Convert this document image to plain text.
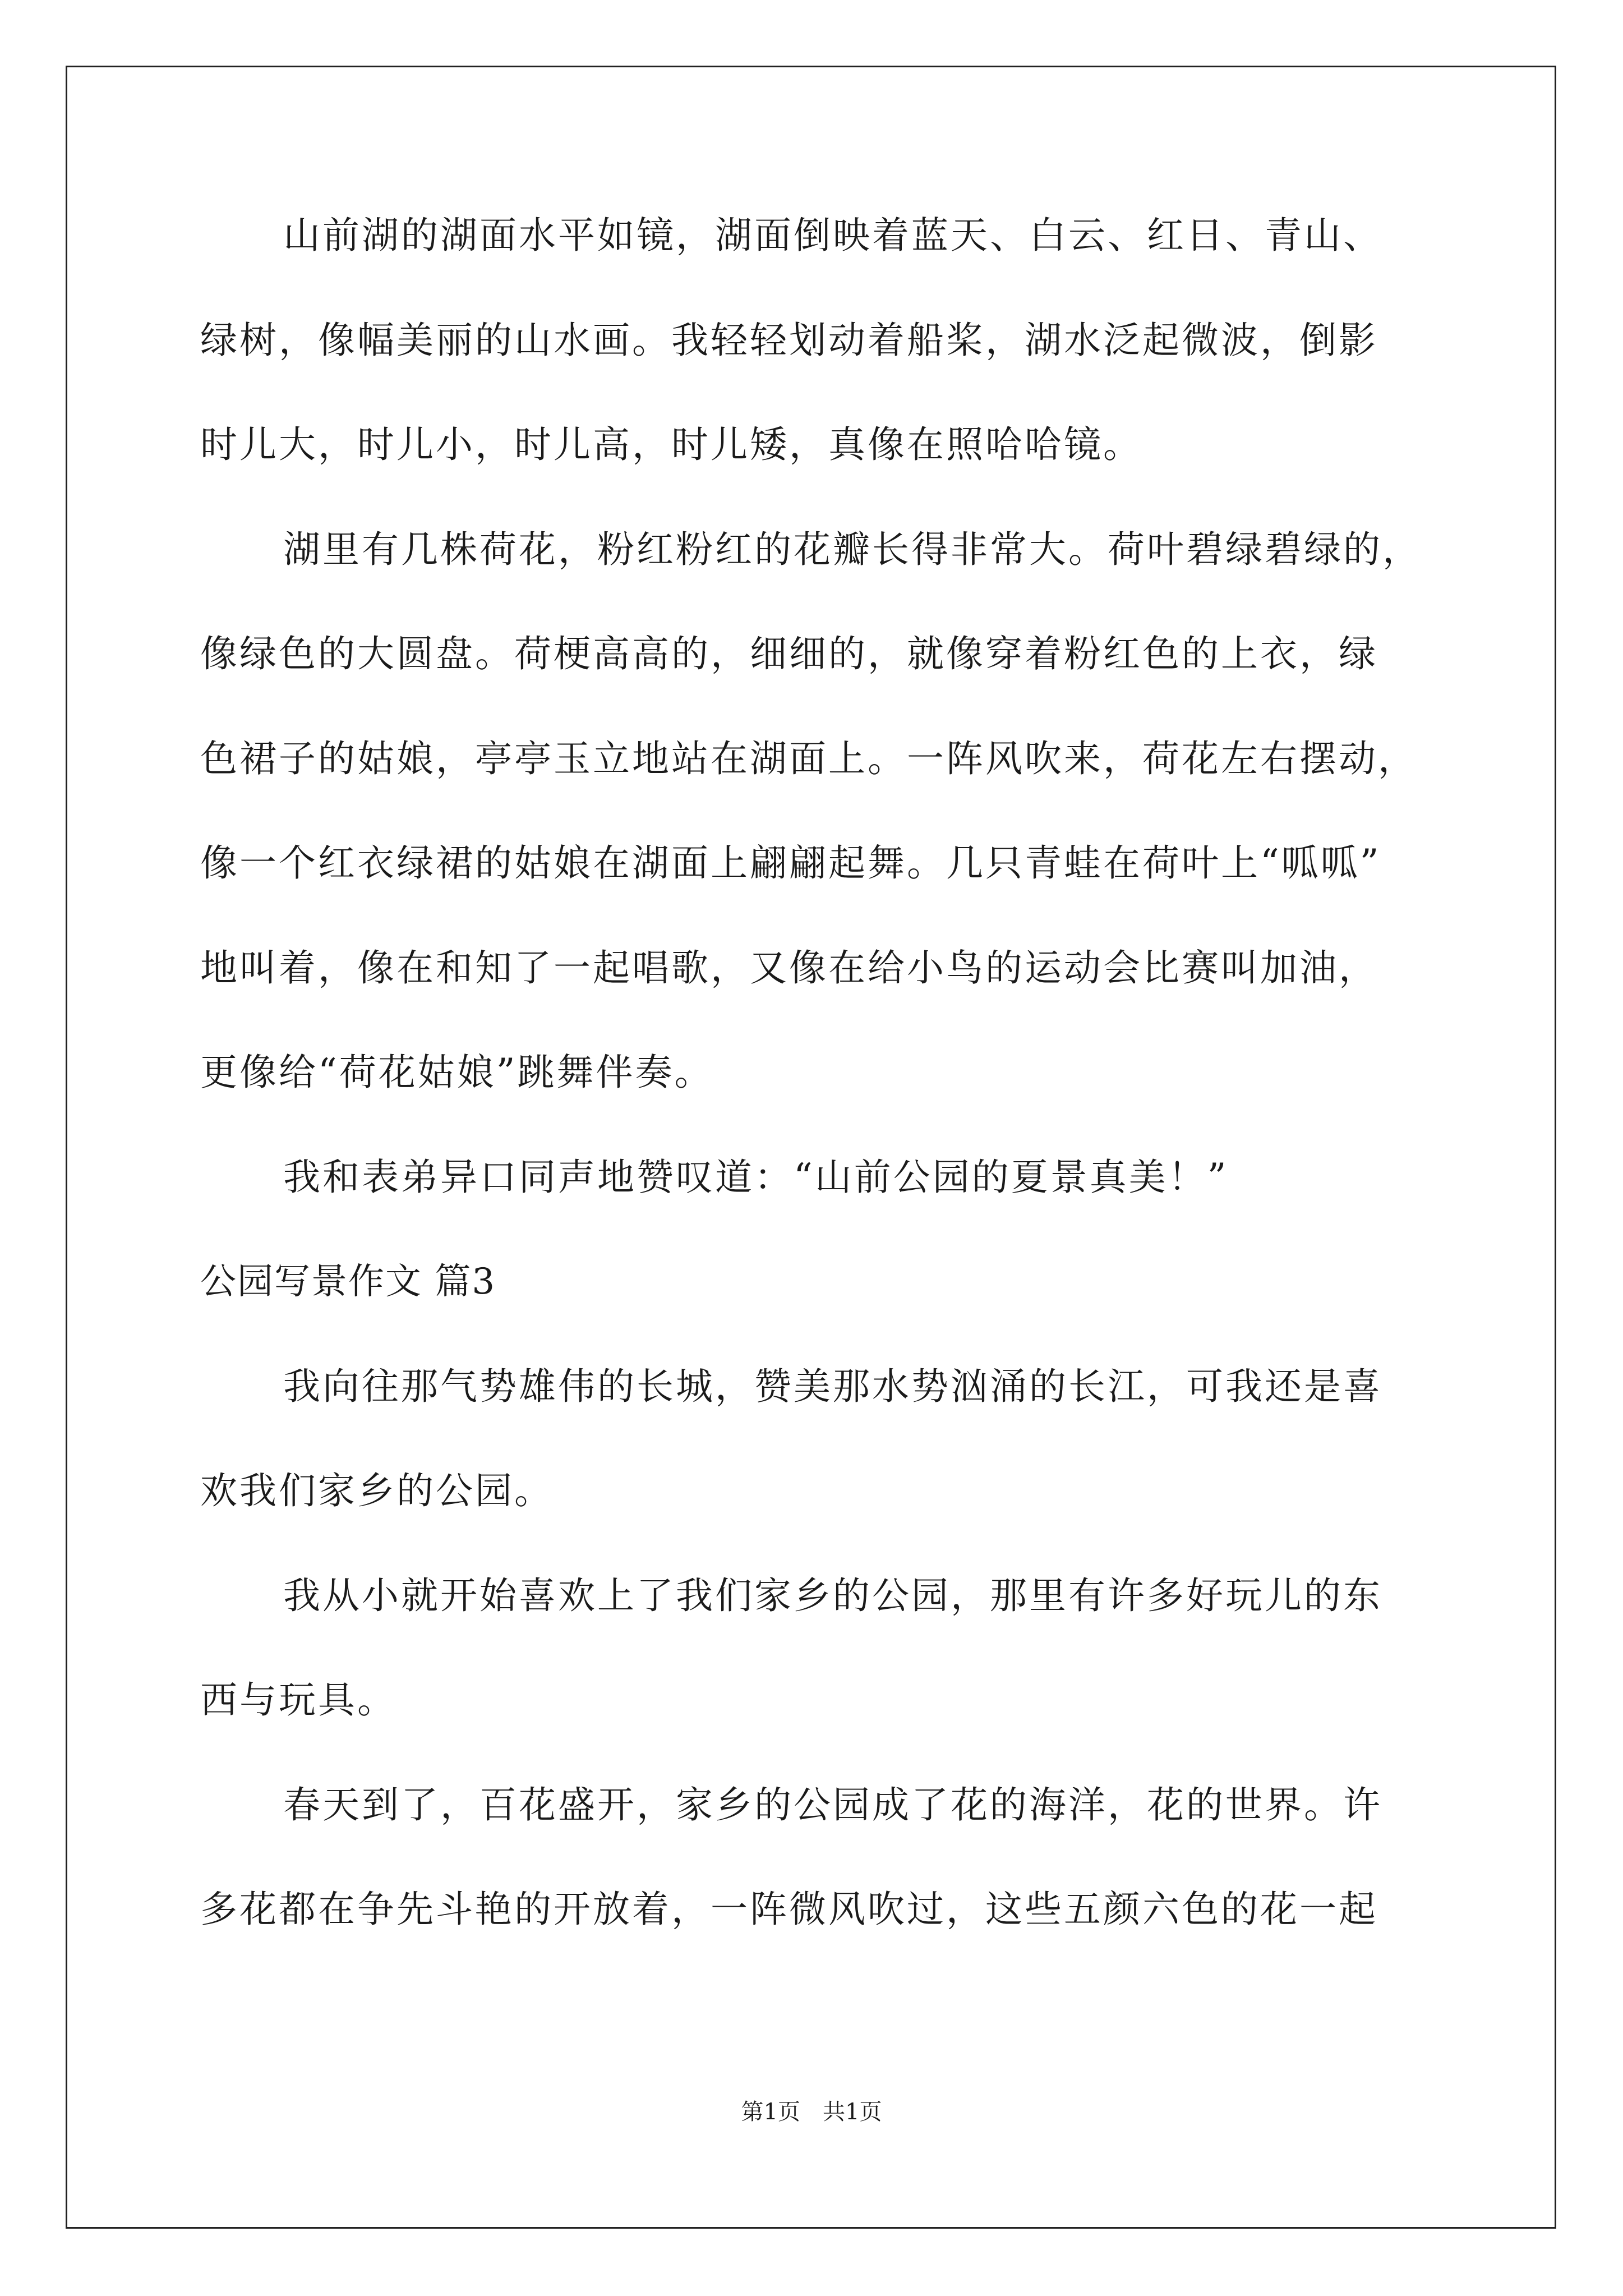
山前湖的湖面水平如镜，湖面倒映着蓝天、白云、红日、青山、
绿树，像幅美丽的山水画。我轻轻划动着船桨，湖水泛起微波，倒影
时儿大，时儿小，时儿高，时儿矮，真像在照哈哈镜。
湖里有几株荷花，粉红粉红的花瓣长得非常大。荷叶碧绿碧绿的，
像绿色的大圆盘。荷梗高高的，细细的，就像穿着粉红色的上衣，绿
色裙子的姑娘，亭亭玉立地站在湖面上。一阵风吹来，荷花左右摆动，
像一个红衣绿裙的姑娘在湖面上翩翩起舞。几只青蛙在荷叶上“呱呱”
地叫着，像在和知了一起唱歌，又像在给小鸟的运动会比赛叫加油，
更像给“荷花姑娘”跳舞伴奏。
我和表弟异口同声地赞叹道：“山前公园的夏景真美！”
公园写景作文 篇3
我向往那气势雄伟的长城，赞美那水势汹涌的长江，可我还是喜
欢我们家乡的公园。
我从小就开始喜欢上了我们家乡的公园，那里有许多好玩儿的东
西与玩具。
春天到了，百花盛开，家乡的公园成了花的海洋，花的世界。许
多花都在争先斗艳的开放着，一阵微风吹过，这些五颜六色的花一起
第1页　共1页
